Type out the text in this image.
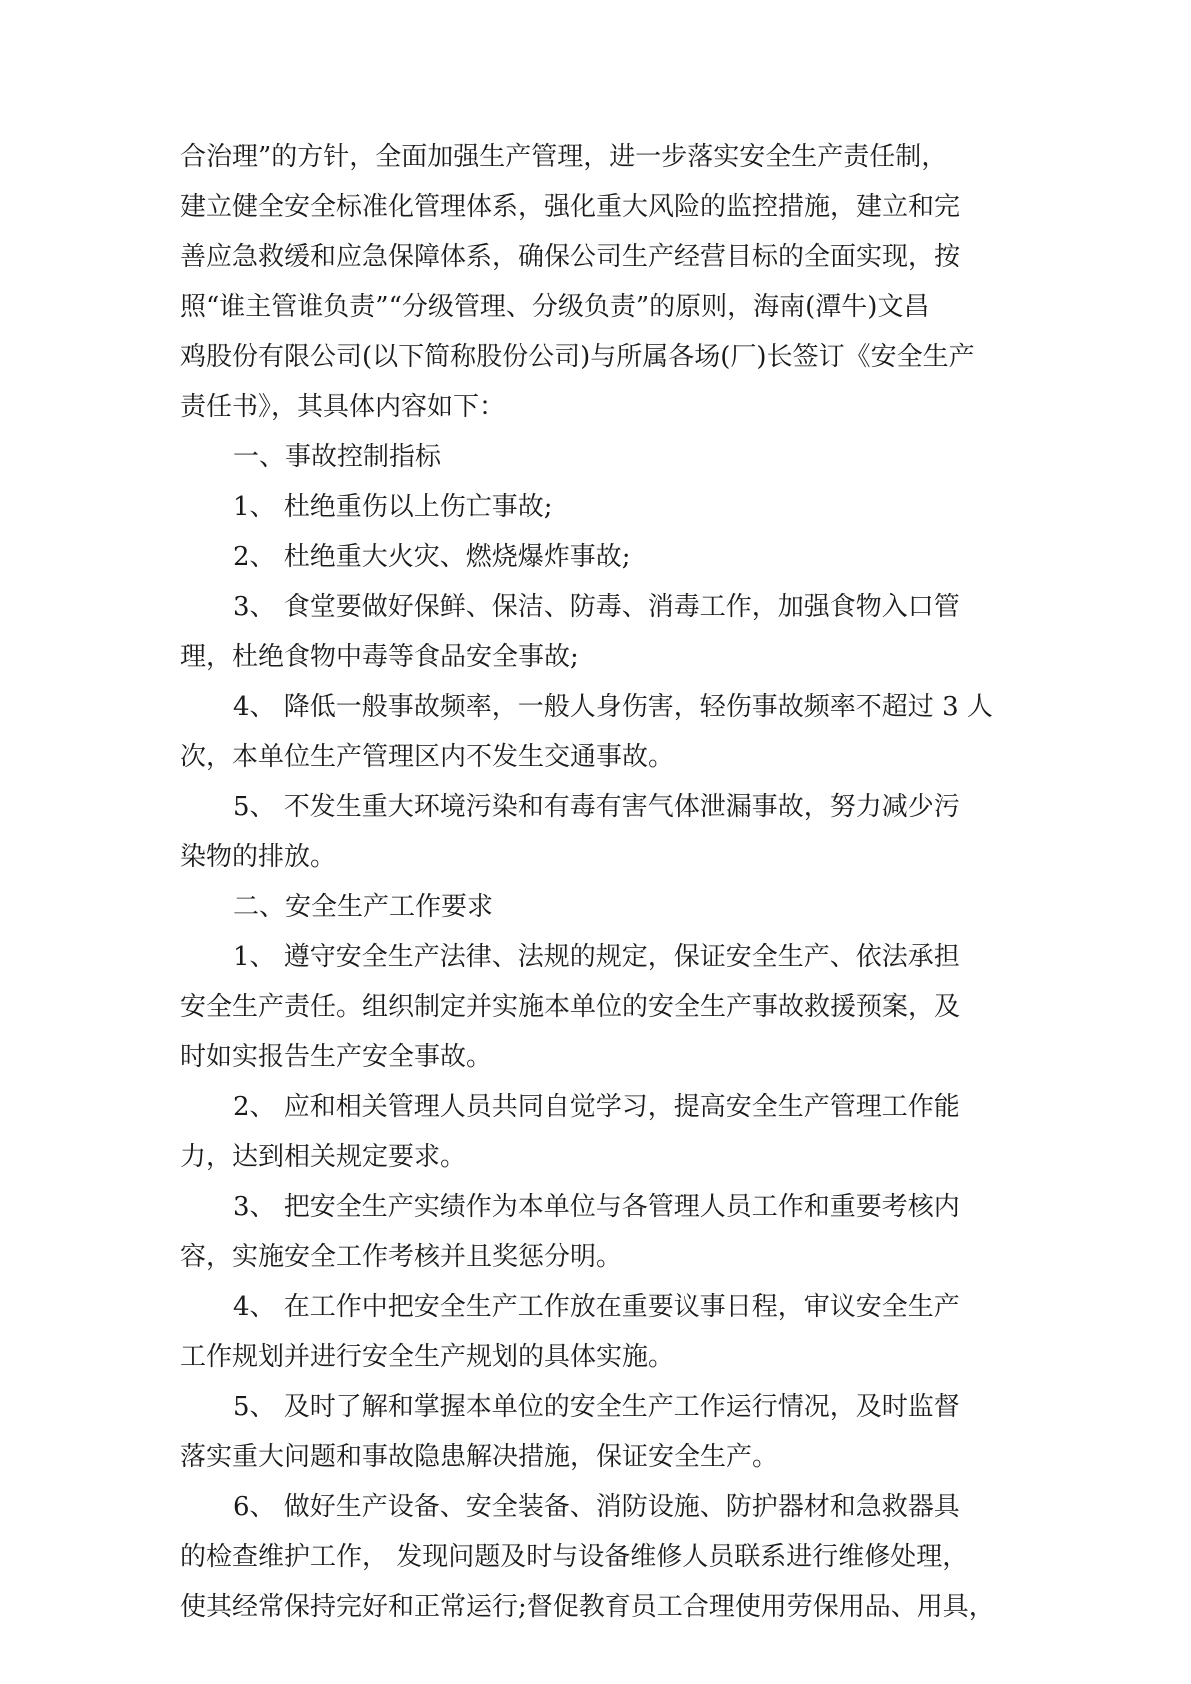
合治理”的方针，全面加强生产管理，进一步落实安全生产责任制，
建立健全安全标准化管理体系，强化重大风险的监控措施，建立和完
善应急救缓和应急保障体系，确保公司生产经营目标的全面实现，按
照“谁主管谁负责”“分级管理、分级负责”的原则，海南(潭牛)文昌
鸡股份有限公司(以下简称股份公司)与所属各场(厂)长签订《安全生产
责任书》，其具体内容如下：
一、事故控制指标
1、 杜绝重伤以上伤亡事故;
2、 杜绝重大火灾、燃烧爆炸事故;
3、 食堂要做好保鲜、保洁、防毒、消毒工作，加强食物入口管
理，杜绝食物中毒等食品安全事故;
4、 降低一般事故频率，一般人身伤害，轻伤事故频率不超过 3 人
次，本单位生产管理区内不发生交通事故。
5、 不发生重大环境污染和有毒有害气体泄漏事故，努力减少污
染物的排放。
二、安全生产工作要求
1、 遵守安全生产法律、法规的规定，保证安全生产、依法承担
安全生产责任。组织制定并实施本单位的安全生产事故救援预案，及
时如实报告生产安全事故。
2、 应和相关管理人员共同自觉学习，提高安全生产管理工作能
力，达到相关规定要求。
3、 把安全生产实绩作为本单位与各管理人员工作和重要考核内
容，实施安全工作考核并且奖惩分明。
4、 在工作中把安全生产工作放在重要议事日程，审议安全生产
工作规划并进行安全生产规划的具体实施。
5、 及时了解和掌握本单位的安全生产工作运行情况，及时监督
落实重大问题和事故隐患解决措施，保证安全生产。
6、 做好生产设备、安全装备、消防设施、防护器材和急救器具
的检查维护工作， 发现问题及时与设备维修人员联系进行维修处理，
使其经常保持完好和正常运行;督促教育员工合理使用劳保用品、用具，
